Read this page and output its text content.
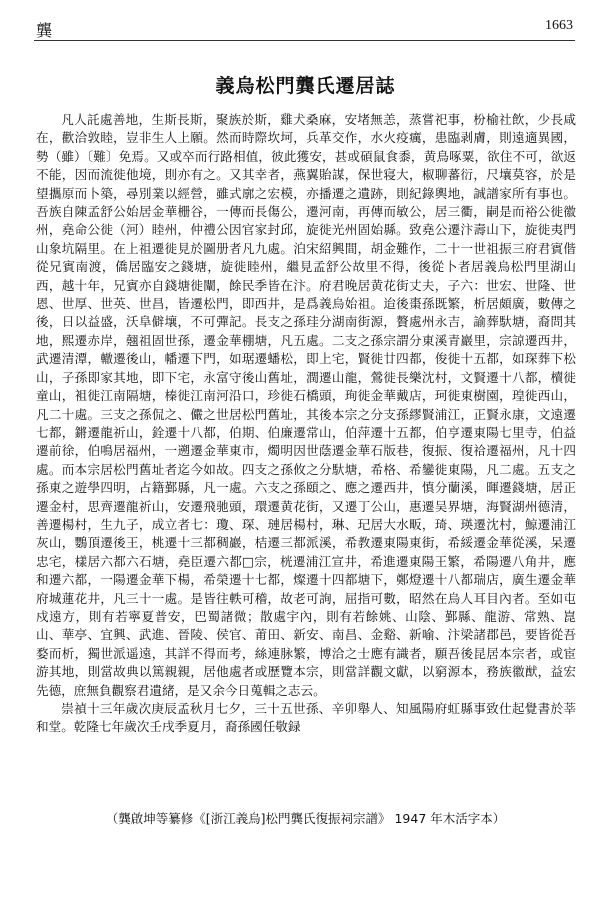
龔	1663
義烏松門龔氏遷居誌

凡人託處善地，生斯長斯，聚族於斯，雞犬桑麻，安堵無恙，蒸嘗祀事，枌榆社飲，少長咸在，歡洽敦睦，豈非生人上願。然而時際坎坷，兵革交作，水火疫癘，患臨剥膚，則遠適異國，勢（雖）〔難〕免焉。又或卒而行路相值，彼此獲安，甚或碩鼠食黍，黄鳥啄粟，欲住不可，欲返不能，因而流徙他境，則亦有之。又其幸者，燕翼貽謀，保世寝大，椒聊蕃衍，尺壤莫容，於是望攜原而卜築，尋別業以經營，雖式廓之宏模，亦播遷之遺跡，則紀錄輿地，誠譜家所有事也。吾族自陳孟舒公始居金華栅谷，一傳而長傷公，遷河南，再傳而敏公，居三衢，嗣是而裕公徙徽州，堯命公徙（河）睦州，仲禮公因官家封邱，旋徙光州固始縣。致堯公遷汴壽山下，旋徙夷門山象坑隔里。在上祖遷徙見於圖册者凡九處。泊宋紹興間，胡金難作，二十一世祖振三府君賓偕從兄賓南渡，僑居臨安之錢塘，旋徙睦州，繼見孟舒公故里不得，後從卜者居義烏松門里湖山西，越十年，兄賓亦自錢塘徙闡，餘民季皆在汴。府君晚居黄花街丈夫，子六：世宏、世隆、世恩、世厚、世英、世昌，皆遷松門，即西井，是爲義烏始祖。迨後棗孫既繁，析居頗廣，數傳之後，日以益盛，沃阜僻壤，不可彈記。長支之孫珪分湖南街源，贅處州永吉，諭葬馱塘，裔問其地，熙遷赤岸，翹祖固世孫，遷金華棚塘，凡五處。二支之孫宗謂分東溪青巖里，宗諒遷西井，武遷清潭，轍遷後山，幡遷下門，如琚遷蟠松，即上宅，賢徙廿四都，俊徙十五都，如琛葬下松山，子孫即家其地，即下宅，永富守後山舊址，潤遷山龍，鶯徙長樂沈村，文賢遷十八都，櫝徙童山，袓徙江南隔塘，榛徙江南河沿口，珍徙石橋頭，珣徙金華戴店，珂徙東樹園，瑝徙西山，凡二十處。三支之孫侃之、儼之世居松門舊址，其後本宗之分支孫繆賢浦江，正賢永康，文遠遷七都，鏘遷龍祈山，銓遷十八都，伯期、伯廉遷常山，伯萍遷十五都，伯亨遷東陽七里寺，伯益遷前徐，伯鳴居福州，一遡遷金華東市，燭明因世蔭遷金華石版巷，復振、復祫遷福州，凡十四處。而本宗居松門舊址者迄今如故。四支之孫攸之分馱塘，希格、希鑾徙東陽，凡二處。五支之孫東之遊學四明，占籍鄞縣，凡一處。六支之孫頤之、應之遷西井，慎分蘭溪，暉遷錢塘，居正遷金村，思齊遷龍祈山，安遷飛驰頭，環遷黄花街，又遷丁公山，惠遷吴界塘，海賢湖州德清，善遷楊村，生九子，成立者七：瓊、琛、璉居楊村，琳、玘居大水畈，琦、瑛遷沈村，鯨遷浦江灰山，鸚頂遷後王，桃遷十三都稠巖，桔遷三都派溪，希教遷東陽東街，希綏遷金華從溪，呆遷忠宅，樣居六都六石塘，堯臣遷六都□宗，桄遷浦江宣井，希進遷東陽王繁，希陽遷八角井，應和遷六都，一陽遷金華下楊，希榮遷十七都，燦遷十四都塘下，鄭燈遷十八都瑞店，廣生遷金華府城蓮花井，凡三十一處。是皆往軼可稽，故老可詢，屈指可數，昭然在烏人耳目內者。至如屯戍遠方，則有若寧夏普安，巴蜀諸微；散處宇內，則有若餘姚、山陰、鄞縣、龍游、常熟、崑山、華亭、宜興、武進、晉陵、侯官、莆田、新安、南昌、金谿、新喻、汴梁諸郡邑，要皆從吾婺而析，獨世派遥遠，其詳不得而考，絲連脉繁，博洽之士應有識者，願吾後昆居本宗者，或宦游其地，則當故典以篤親親，居他處者或歷覽本宗，則當詳觀文獻，以窮源本，務族徽猷，益宏先德，庶無負觀察君遺緒，是又余今日蒐輯之志云。

崇禎十三年歲次庚辰孟秋月七夕，三十五世孫、辛卯舉人、知風陽府虹縣事致仕起覺書於莘和堂。乾隆七年歲次壬戌季夏月，裔孫國任敬録

（龔啟坤等纂修《[浙江義烏]松門龔氏復振祠宗譜》 1947 年木活字本）
